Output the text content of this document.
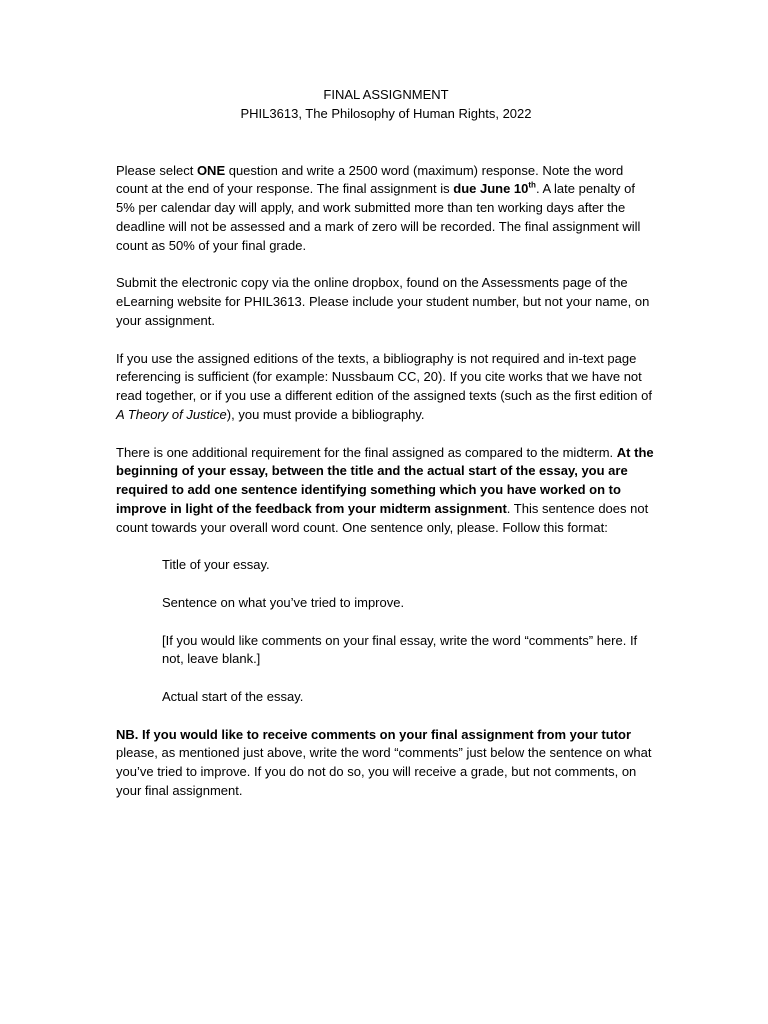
FINAL ASSIGNMENT

PHIL3613, The Philosophy of Human Rights, 2022

Please select ONE question and write a 2500 word (maximum) response. Note the word count at the end of your response. The final assignment is due June 10th. A late penalty of 5% per calendar day will apply, and work submitted more than ten working days after the deadline will not be assessed and a mark of zero will be recorded. The final assignment will count as 50% of your final grade.

Submit the electronic copy via the online dropbox, found on the Assessments page of the eLearning website for PHIL3613. Please include your student number, but not your name, on your assignment.

If you use the assigned editions of the texts, a bibliography is not required and in-text page referencing is sufficient (for example: Nussbaum CC, 20). If you cite works that we have not read together, or if you use a different edition of the assigned texts (such as the first edition of A Theory of Justice), you must provide a bibliography.

There is one additional requirement for the final assigned as compared to the midterm. At the beginning of your essay, between the title and the actual start of the essay, you are required to add one sentence identifying something which you have worked on to improve in light of the feedback from your midterm assignment. This sentence does not count towards your overall word count. One sentence only, please. Follow this format:

Title of your essay.

Sentence on what you’ve tried to improve.

[If you would like comments on your final essay, write the word “comments” here. If not, leave blank.]

Actual start of the essay.

NB. If you would like to receive comments on your final assignment from your tutor please, as mentioned just above, write the word “comments” just below the sentence on what you’ve tried to improve. If you do not do so, you will receive a grade, but not comments, on your final assignment.
